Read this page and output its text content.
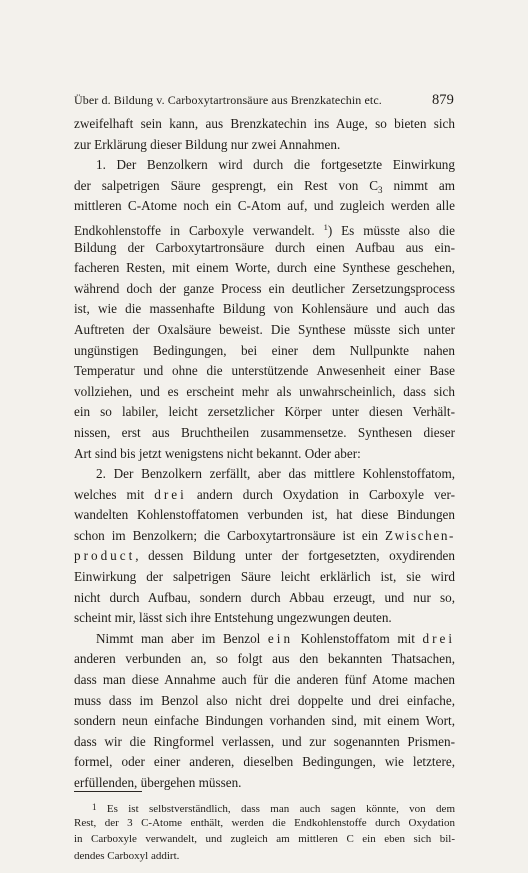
Über d. Bildung v. Carboxytartronsäure aus Brenzkatechin etc.	879
zweifelhaft sein kann, aus Brenzkatechin ins Auge, so bieten sich
zur Erklärung dieser Bildung nur zwei Annahmen.
1. Der Benzolkern wird durch die fortgesetzte Einwirkung
der salpetrigen Säure gesprengt, ein Rest von $C_3$ nimmt am
mittleren C-Atome noch ein C-Atom auf, und zugleich werden alle
Endkohlenstoffe in Carboxyle verwandelt. $^1$) Es müsste also die
Bildung der Carboxytartronsäure durch einen Aufbau aus ein-
facheren Resten, mit einem Worte, durch eine Synthese geschehen,
während doch der ganze Process ein deutlicher Zersetzungsprocess
ist, wie die massenhafte Bildung von Kohlensäure und auch das
Auftreten der Oxalsäure beweist. Die Synthese müsste sich unter
ungünstigen Bedingungen, bei einer dem Nullpunkte nahen
Temperatur und ohne die unterstützende Anwesenheit einer Base
vollziehen, und es erscheint mehr als unwahrscheinlich, dass sich
ein so labiler, leicht zersetzlicher Körper unter diesen Verhält-
nissen, erst aus Bruchtheilen zusammensetze. Synthesen dieser
Art sind bis jetzt wenigstens nicht bekannt. Oder aber:
2. Der Benzolkern zerfällt, aber das mittlere Kohlenstoffatom,
welches mit drei andern durch Oxydation in Carboxyle ver-
wandelten Kohlenstoffatomen verbunden ist, hat diese Bindungen
schon im Benzolkern; die Carboxytartronsäure ist ein Zwischen-
product, dessen Bildung unter der fortgesetzten, oxydirenden
Einwirkung der salpetrigen Säure leicht erklärlich ist, sie wird
nicht durch Aufbau, sondern durch Abbau erzeugt, und nur so,
scheint mir, lässt sich ihre Entstehung ungezwungen deuten.
Nimmt man aber im Benzol ein Kohlenstoffatom mit drei
anderen verbunden an, so folgt aus den bekannten Thatsachen,
dass man diese Annahme auch für die anderen fünf Atome machen
muss dass im Benzol also nicht drei doppelte und drei einfache,
sondern neun einfache Bindungen vorhanden sind, mit einem Wort,
dass wir die Ringformel verlassen, und zur sogenannten Prismen-
formel, oder einer anderen, dieselben Bedingungen, wie letztere,
erfüllenden, übergehen müssen.
$^1$ Es ist selbstverständlich, dass man auch sagen könnte, von dem
Rest, der 3 C-Atome enthält, werden die Endkohlenstoffe durch Oxydation
in Carboxyle verwandelt, und zugleich am mittleren C ein eben sich bil-
dendes Carboxyl addirt.
